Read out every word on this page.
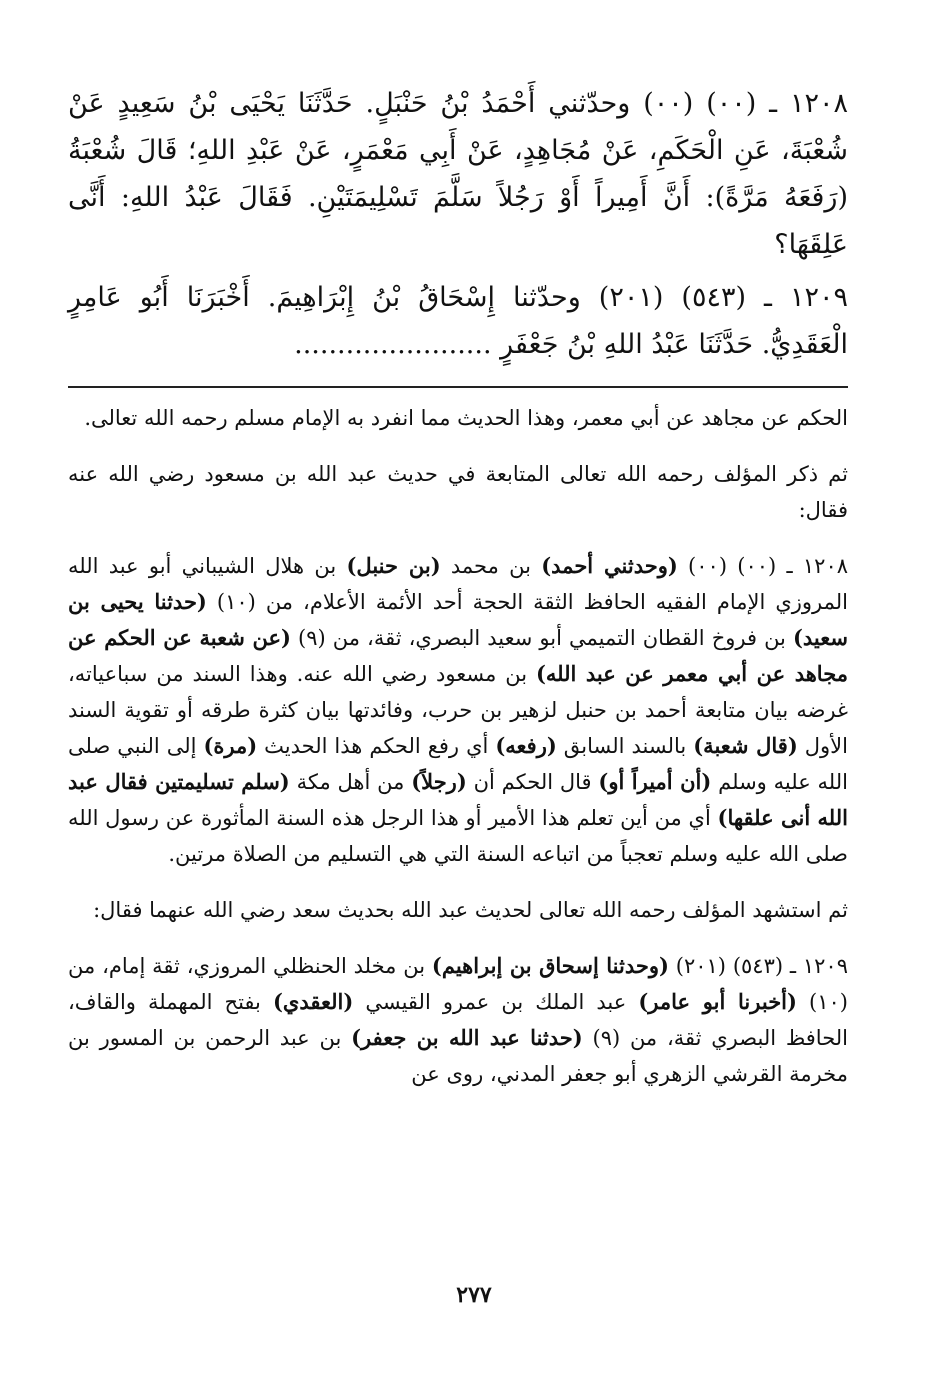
١٢٠٨ ـ (٠٠) (٠٠) وحدّثني أَحْمَدُ بْنُ حَنْبَلٍ. حَدَّثَنَا يَحْيَى بْنُ سَعِيدٍ عَنْ شُعْبَةَ، عَنِ الْحَكَمِ، عَنْ مُجَاهِدٍ، عَنْ أَبِي مَعْمَرٍ، عَنْ عَبْدِ اللهِ؛ قَالَ شُعْبَةُ (رَفَعَهُ مَرَّةً): أَنَّ أَمِيراً أَوْ رَجُلاً سَلَّمَ تَسْلِيمَتَيْنِ. فَقَالَ عَبْدُ اللهِ: أَنَّى عَلِقَهَا؟

١٢٠٩ ـ (٥٤٣) (٢٠١) وحدّثنا إِسْحَاقُ بْنُ إِبْرَاهِيمَ. أَخْبَرَنَا أَبُو عَامِرٍ الْعَقَدِيُّ. حَدَّثَنَا عَبْدُ اللهِ بْنُ جَعْفَرٍ .......................

الحكم عن مجاهد عن أبي معمر، وهذا الحديث مما انفرد به الإمام مسلم رحمه الله تعالى.

ثم ذكر المؤلف رحمه الله تعالى المتابعة في حديث عبد الله بن مسعود رضي الله عنه فقال:

١٢٠٨ ـ (٠٠) (٠٠) (وحدثني أحمد) بن محمد (بن حنبل) بن هلال الشيباني أبو عبد الله المروزي الإمام الفقيه الحافظ الثقة الحجة أحد الأئمة الأعلام، من (١٠) (حدثنا يحيى بن سعيد) بن فروخ القطان التميمي أبو سعيد البصري، ثقة، من (٩) (عن شعبة عن الحكم عن مجاهد عن أبي معمر عن عبد الله) بن مسعود رضي الله عنه. وهذا السند من سباعياته، غرضه بيان متابعة أحمد بن حنبل لزهير بن حرب، وفائدتها بيان كثرة طرقه أو تقوية السند الأول (قال شعبة) بالسند السابق (رفعه) أي رفع الحكم هذا الحديث (مرة) إلى النبي صلى الله عليه وسلم (أن أميراً أو) قال الحكم أن (رجلاً) من أهل مكة (سلم تسليمتين فقال عبد الله أنى علقها) أي من أين تعلم هذا الأمير أو هذا الرجل هذه السنة المأثورة عن رسول الله صلى الله عليه وسلم تعجباً من اتباعه السنة التي هي التسليم من الصلاة مرتين.

ثم استشهد المؤلف رحمه الله تعالى لحديث عبد الله بحديث سعد رضي الله عنهما فقال:

١٢٠٩ ـ (٥٤٣) (٢٠١) (وحدثنا إسحاق بن إبراهيم) بن مخلد الحنظلي المروزي، ثقة إمام، من (١٠) (أخبرنا أبو عامر) عبد الملك بن عمرو القيسي (العقدي) بفتح المهملة والقاف، الحافظ البصري ثقة، من (٩) (حدثنا عبد الله بن جعفر) بن عبد الرحمن بن المسور بن مخرمة القرشي الزهري أبو جعفر المدني، روى عن

٢٧٧
